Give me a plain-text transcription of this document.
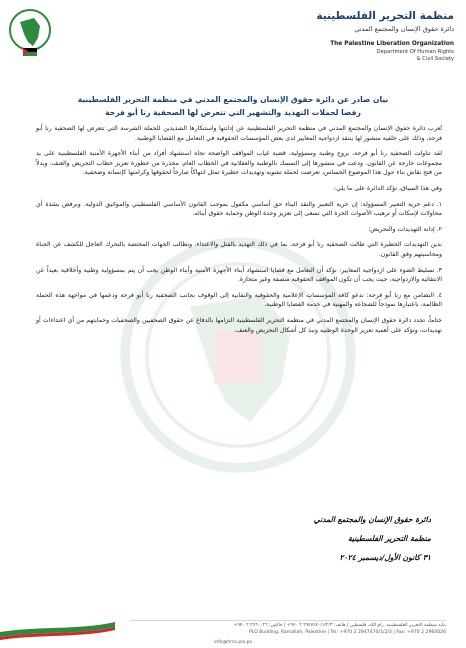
منظمة التحرير الفلسطينية
دائرة حقوق الإنسان والمجتمع المدني
The Palestine Liberation Organization
Department Of Human Rights
& Civil Society
بيان صادر عن دائرة حقوق الإنسان والمجتمع المدني في منظمة التحرير الفلسطينية
رفضا لحملات التهديد والتشهير التي تتعرض لها الصحفية رنا أبو فرحة

تُعرب دائرة حقوق الإنسان والمجتمع المدني في منظمة التحرير الفلسطينية عن إدانتها واستنكارها الشديدين للحملة الشرسة التي تتعرض لها الصحفية رنا أبو فرحة، وذلك على خلفية منشور لها ينتقد ازدواجية المعايير لدى بعض المؤسسات الحقوقية في التعامل مع القضايا الوطنية.

لقد تناولت الصحفية رنا أبو فرحة، بروح وطنية ومسؤولية، قضية غياب المواقف الواضحة تجاه استشهاد أفراد من أبناء الأجهزة الأمنية الفلسطينية على يد مجموعات خارجة عن القانون. ودعت في منشورها إلى التمسك بالوطنية والعقلانية في الخطاب العام، محذرة من خطورة تعزيز خطاب التحريض والعنف، وبدلاً من فتح نقاش بناء حول هذا الموضوع الحساس، تعرضت لحملة تشويه وتهديدات خطيرة تمثل انتهاكاً صارخاً لحقوقها وكرامتها كإنسانة وصحفية.

وفي هذا السياق، تؤكد الدائرة على ما يلي:

١. دعم حرية التعبير المسؤولة: إن حرية التعبير والنقد البناء حق أساسي مكفول بموجب القانون الأساسي الفلسطيني والمواثيق الدولية. ونرفض بشدة أي محاولات لإسكات أو ترهيب الأصوات الحرة التي تسعى إلى تعزيز وحدة الوطن وحماية حقوق أبنائه.

٢. إدانة التهديدات والتحريض:

ندين التهديدات الخطيرة التي طالت الصحفية رنا أبو فرحة، بما في ذلك التهديد بالقتل والاعتداء. ونطالب الجهات المختصة بالتحرك العاجل للكشف عن الجناة ومحاسبتهم وفق القانون.

٣. تسليط الضوء على ازدواجية المعايير: نؤكد أن التعامل مع قضايا استشهاد أبناء الأجهزة الأمنية وأبناء الوطن يجب أن يتم بمسؤولية وطنية وأخلاقية بعيداً عن الانتقائية والازدواجية، حيث يجب أن تكون المواقف الحقوقية منصفة وغير متحازة.

٤. التضامن مع رنا أبو فرحة: ندعو كافة المؤسسات الإعلامية والحقوقية والنقابية إلى الوقوف بجانب الصحفية رنا أبو فرحة ودعمها في مواجهة هذه الحملة الظالمة، باعتبارها نموذجاً للشجاعة والمهنية في خدمة القضايا الوطنية.

ختاماً، تجدد دائرة حقوق الإنسان والمجتمع المدني في منظمة التحرير الفلسطينية التزامها بالدفاع عن حقوق الصحفيين والصحفيات وحمايتهم من أي اعتداءات أو تهديدات، وتؤكد على أهمية تعزيز الوحدة الوطنية ونبذ كل أشكال التحريض والعنف.

دائرة حقوق الإنسان والمجتمع المدني
منظمة التحرير الفلسطينية
٣١ كانون الأول/ديسمبر ٢٠٢٤
بناية منظمة التحرير الفلسطينية، رام الله، فلسطين | هاتف: ٢٩٤٧٤٧٠/١/٢/٣ ٢ ٩٧٠+ | فاكس: ٢٩٦٠٠٢٦ ٢ ٩٧٠+
PLO Building, Ramallah, Palestine | Tel: +970 2 2947470/1/2/3 | Fax: +970 2 2960026
info@hrcs.plo.ps
